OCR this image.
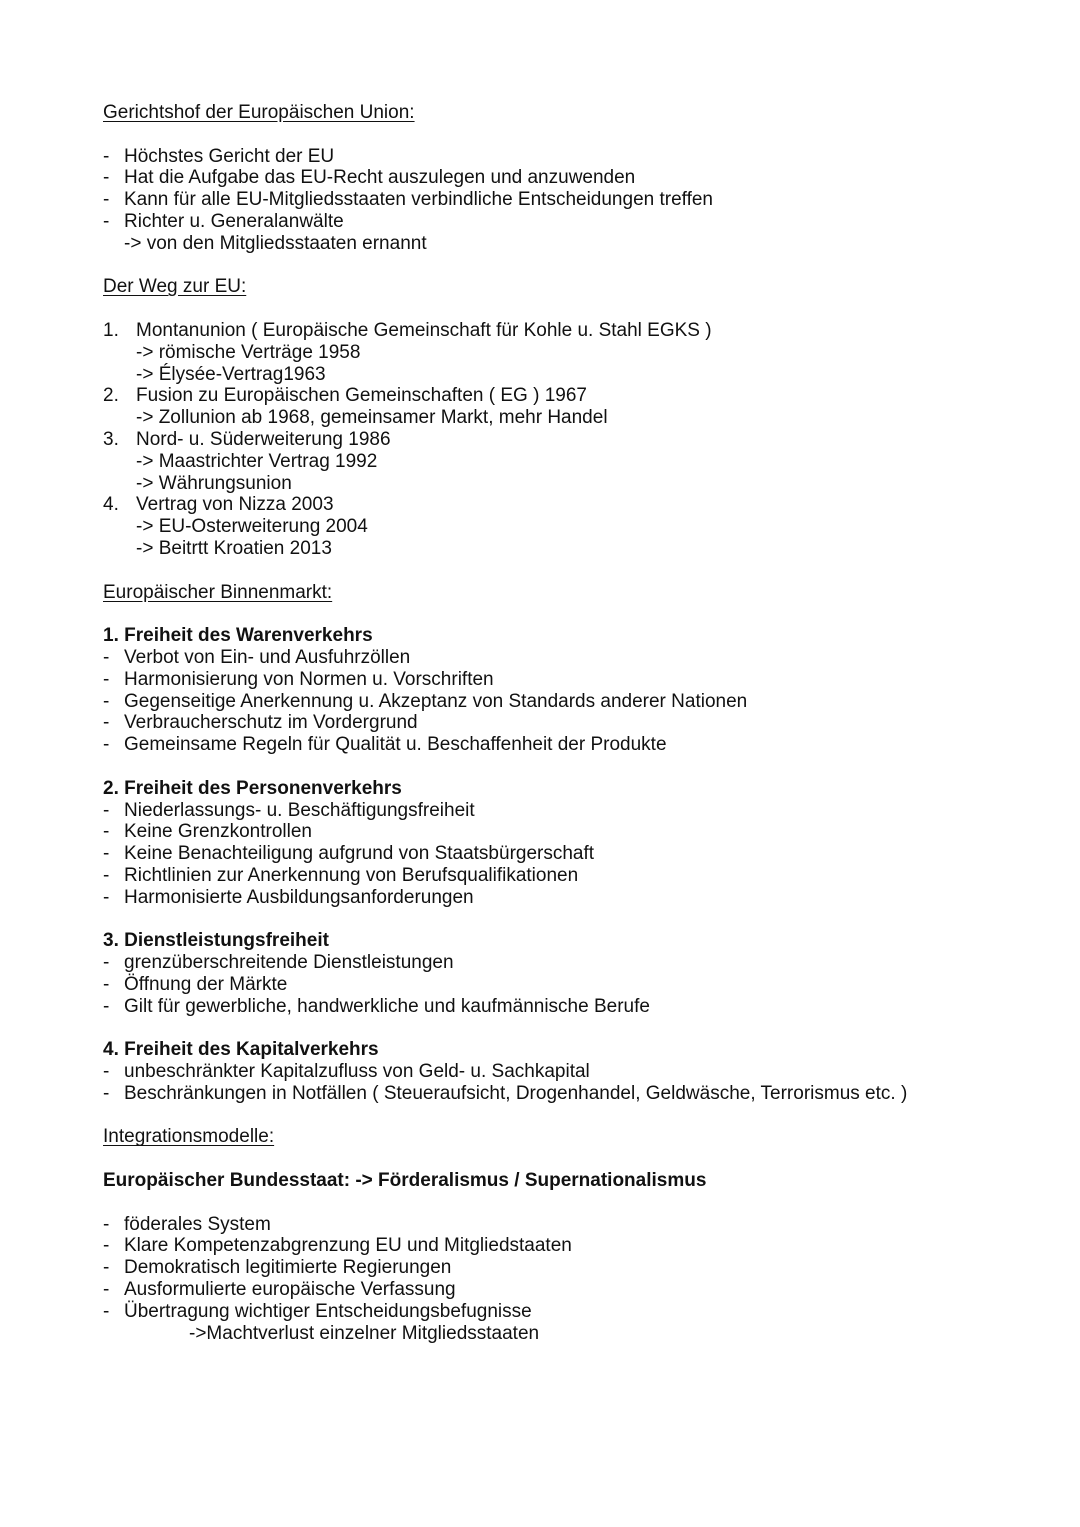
Gerichtshof der Europäischen Union:
- Höchstes Gericht der EU
- Hat die Aufgabe das EU-Recht auszulegen und anzuwenden
- Kann für alle EU-Mitgliedsstaaten verbindliche Entscheidungen treffen
- Richter u. Generalanwälte
-> von den Mitgliedsstaaten ernannt
Der Weg zur EU:
1. Montanunion ( Europäische Gemeinschaft für Kohle u. Stahl EGKS )
-> römische Verträge 1958
-> Élysée-Vertrag1963
2. Fusion zu Europäischen Gemeinschaften ( EG ) 1967
-> Zollunion ab 1968, gemeinsamer Markt, mehr Handel
3. Nord- u. Süderweiterung 1986
-> Maastrichter Vertrag 1992
-> Währungsunion
4. Vertrag von Nizza 2003
-> EU-Osterweiterung 2004
-> Beitrtt Kroatien 2013
Europäischer Binnenmarkt:
1. Freiheit des Warenverkehrs
- Verbot von Ein- und Ausfuhrzöllen
- Harmonisierung von Normen u. Vorschriften
- Gegenseitige Anerkennung u. Akzeptanz von Standards anderer Nationen
- Verbraucherschutz im Vordergrund
- Gemeinsame Regeln für Qualität u. Beschaffenheit der Produkte
2. Freiheit des Personenverkehrs
- Niederlassungs- u. Beschäftigungsfreiheit
- Keine Grenzkontrollen
- Keine Benachteiligung aufgrund von Staatsbürgerschaft
- Richtlinien zur Anerkennung von Berufsqualifikationen
- Harmonisierte Ausbildungsanforderungen
3. Dienstleistungsfreiheit
- grenzüberschreitende Dienstleistungen
- Öffnung der Märkte
- Gilt für gewerbliche, handwerkliche und kaufmännische Berufe
4. Freiheit des Kapitalverkehrs
- unbeschränkter Kapitalzufluss von Geld- u. Sachkapital
- Beschränkungen in Notfällen ( Steueraufsicht, Drogenhandel, Geldwäsche, Terrorismus etc. )
Integrationsmodelle:
Europäischer Bundesstaat: -> Förderalismus / Supernationalismus
- föderales System
- Klare Kompetenzabgrenzung EU und Mitgliedstaaten
- Demokratisch legitimierte Regierungen
- Ausformulierte europäische Verfassung
- Übertragung wichtiger Entscheidungsbefugnisse
->Machtverlust einzelner Mitgliedsstaaten
